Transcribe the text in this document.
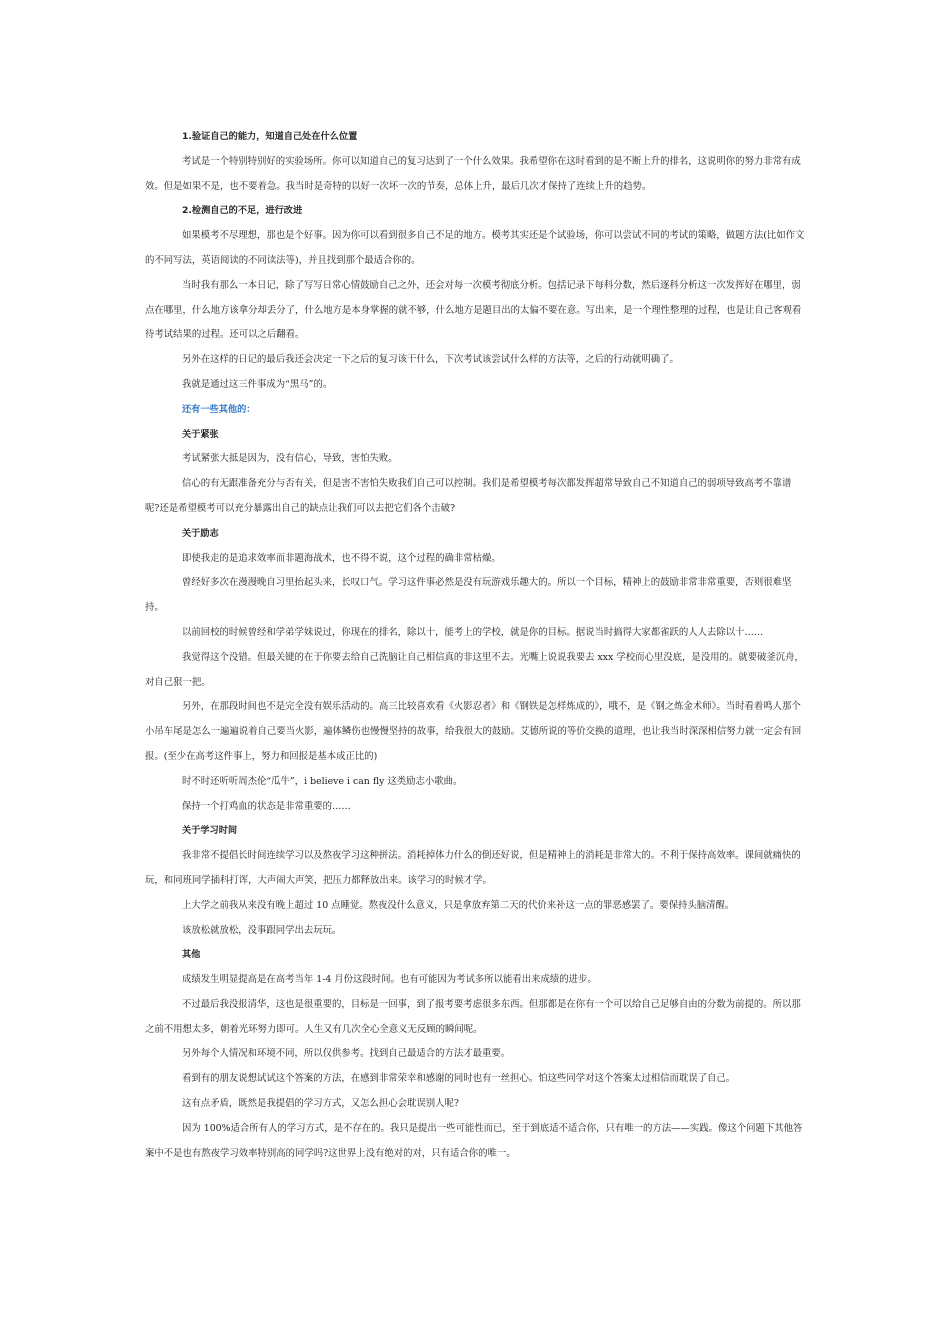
1.验证自己的能力，知道自己处在什么位置

考试是一个特别特别好的实验场所。你可以知道自己的复习达到了一个什么效果。我希望你在这时看到的是不断上升的排名，这说明你的努力非常有成效。但是如果不是，也不要着急。我当时是奇特的以好一次坏一次的节奏，总体上升，最后几次才保持了连续上升的趋势。

2.检测自己的不足，进行改进

如果模考不尽理想，那也是个好事。因为你可以看到很多自己不足的地方。模考其实还是个试验场，你可以尝试不同的考试的策略，做题方法(比如作文的不同写法，英语阅读的不同读法等)，并且找到那个最适合你的。

当时我有那么一本日记，除了写写日常心情鼓励自己之外，还会对每一次模考彻底分析。包括记录下每科分数，然后逐科分析这一次发挥好在哪里，弱点在哪里，什么地方该拿分却丢分了，什么地方是本身掌握的就不够，什么地方是题目出的太偏不要在意。写出来，是一个理性整理的过程，也是让自己客观看待考试结果的过程。还可以之后翻看。

另外在这样的日记的最后我还会决定一下之后的复习该干什么，下次考试该尝试什么样的方法等，之后的行动就明确了。

我就是通过这三件事成为“黑马”的。

还有一些其他的：

关于紧张

考试紧张大抵是因为，没有信心，导致，害怕失败。

信心的有无跟准备充分与否有关，但是害不害怕失败我们自己可以控制。我们是希望模考每次都发挥超常导致自己不知道自己的弱项导致高考不靠谱呢?还是希望模考可以充分暴露出自己的缺点让我们可以去把它们各个击破?

关于励志

即使我走的是追求效率而非题海战术，也不得不说，这个过程的确非常枯燥。

曾经好多次在漫漫晚自习里抬起头来，长叹口气。学习这件事必然是没有玩游戏乐趣大的。所以一个目标，精神上的鼓励非常非常重要，否则很难坚持。

以前回校的时候曾经和学弟学妹说过，你现在的排名，除以十，能考上的学校，就是你的目标。据说当时搞得大家都雀跃的人人去除以十……

我觉得这个没错。但最关键的在于你要去给自己洗脑让自己相信真的非这里不去。光嘴上说说我要去 xxx 学校而心里没底，是没用的。就要破釜沉舟，对自己狠一把。

另外，在那段时间也不是完全没有娱乐活动的。高三比较喜欢看《火影忍者》和《钢铁是怎样炼成的》，哦不，是《钢之炼金术师》。当时看着鸣人那个小吊车尾是怎么一遍遍说着自己要当火影，遍体鳞伤也慢慢坚持的故事，给我很大的鼓励。艾德所说的等价交换的道理，也让我当时深深相信努力就一定会有回报。(至少在高考这件事上，努力和回报是基本成正比的)

时不时还听听周杰伦“瓜牛”，i believe i can fly 这类励志小歌曲。

保持一个打鸡血的状态是非常重要的……

关于学习时间

我非常不提倡长时间连续学习以及熬夜学习这种拼法。消耗掉体力什么的倒还好说，但是精神上的消耗是非常大的。不利于保持高效率。课间就痛快的玩，和同班同学插科打诨，大声闹大声笑，把压力都释放出来。该学习的时候才学。

上大学之前我从来没有晚上超过 10 点睡觉。熬夜没什么意义，只是拿放弃第二天的代价来补这一点的罪恶感罢了。要保持头脑清醒。

该放松就放松，没事跟同学出去玩玩。

其他

成绩发生明显提高是在高考当年 1-4 月份这段时间。也有可能因为考试多所以能看出来成绩的进步。

不过最后我没报清华，这也是很重要的，目标是一回事，到了报考要考虑很多东西。但那都是在你有一个可以给自己足够自由的分数为前提的。所以那之前不用想太多，朝着光环努力即可。人生又有几次全心全意义无反顾的瞬间呢。

另外每个人情况和环境不同，所以仅供参考。找到自己最适合的方法才最重要。

看到有的朋友说想试试这个答案的方法，在感到非常荣幸和感谢的同时也有一丝担心。怕这些同学对这个答案太过相信而耽误了自己。

这有点矛盾，既然是我提倡的学习方式，又怎么担心会耽误别人呢?

因为 100%适合所有人的学习方式，是不存在的。我只是提出一些可能性而已，至于到底适不适合你，只有唯一的方法——实践。像这个问题下其他答案中不是也有熬夜学习效率特别高的同学吗?这世界上没有绝对的对，只有适合你的唯一。
